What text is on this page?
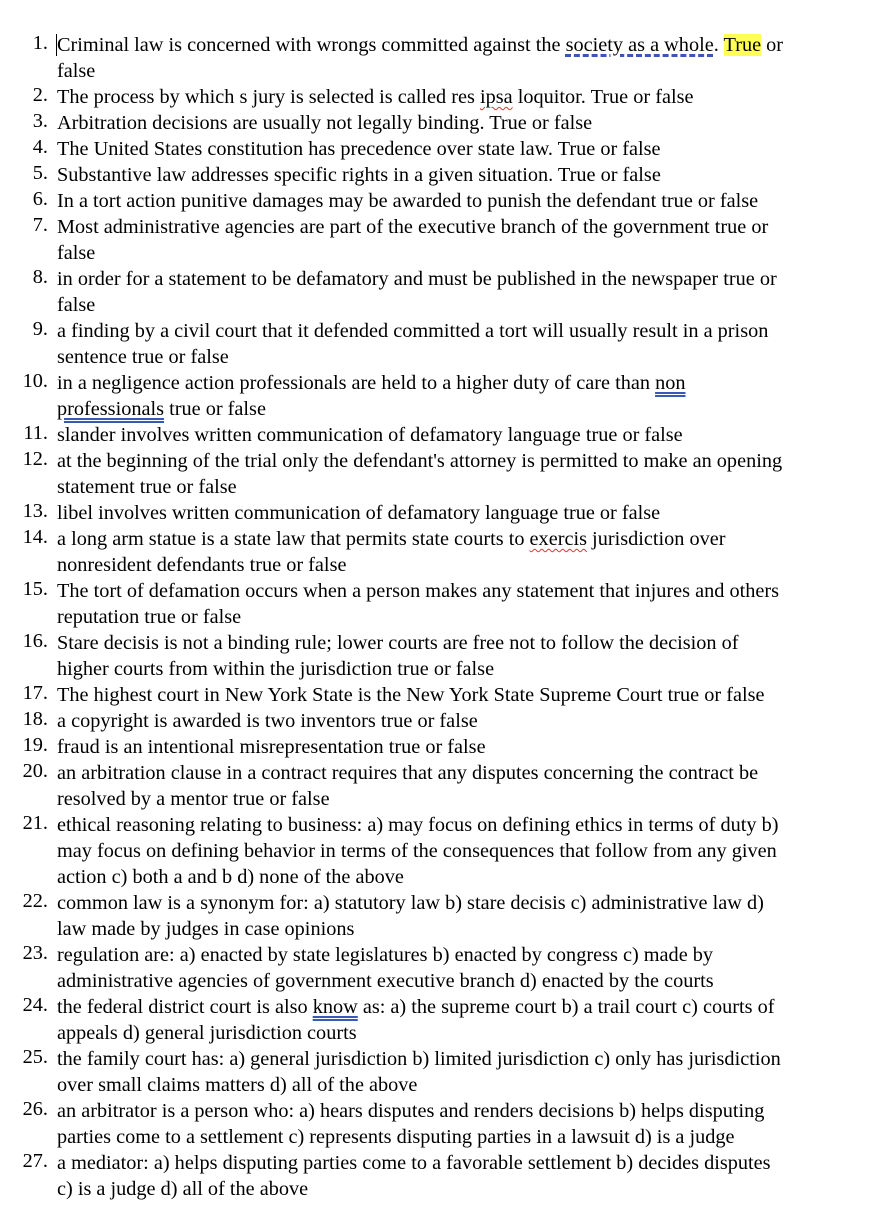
1. Criminal law is concerned with wrongs committed against the society as a whole. True or
false
2. The process by which s jury is selected is called res ipsa loquitor. True or false
3. Arbitration decisions are usually not legally binding. True or false
4. The United States constitution has precedence over state law. True or false
5. Substantive law addresses specific rights in a given situation. True or false
6. In a tort action punitive damages may be awarded to punish the defendant true or false
7. Most administrative agencies are part of the executive branch of the government true or
false
8. in order for a statement to be defamatory and must be published in the newspaper true or
false
9. a finding by a civil court that it defended committed a tort will usually result in a prison
sentence true or false
10. in a negligence action professionals are held to a higher duty of care than non
professionals true or false
11. slander involves written communication of defamatory language true or false
12. at the beginning of the trial only the defendant's attorney is permitted to make an opening
statement true or false
13. libel involves written communication of defamatory language true or false
14. a long arm statue is a state law that permits state courts to exercis jurisdiction over
nonresident defendants true or false
15. The tort of defamation occurs when a person makes any statement that injures and others
reputation true or false
16. Stare decisis is not a binding rule; lower courts are free not to follow the decision of
higher courts from within the jurisdiction true or false
17. The highest court in New York State is the New York State Supreme Court true or false
18. a copyright is awarded is two inventors true or false
19. fraud is an intentional misrepresentation true or false
20. an arbitration clause in a contract requires that any disputes concerning the contract be
resolved by a mentor true or false
21. ethical reasoning relating to business: a) may focus on defining ethics in terms of duty b)
may focus on defining behavior in terms of the consequences that follow from any given
action c) both a and b d) none of the above
22. common law is a synonym for: a) statutory law b) stare decisis c) administrative law d)
law made by judges in case opinions
23. regulation are: a) enacted by state legislatures b) enacted by congress c) made by
administrative agencies of government executive branch d) enacted by the courts
24. the federal district court is also know as: a) the supreme court b) a trail court c) courts of
appeals d) general jurisdiction courts
25. the family court has: a) general jurisdiction b) limited jurisdiction c) only has jurisdiction
over small claims matters d) all of the above
26. an arbitrator is a person who: a) hears disputes and renders decisions b) helps disputing
parties come to a settlement c) represents disputing parties in a lawsuit d) is a judge
27. a mediator: a) helps disputing parties come to a favorable settlement b) decides disputes
c) is a judge d) all of the above
